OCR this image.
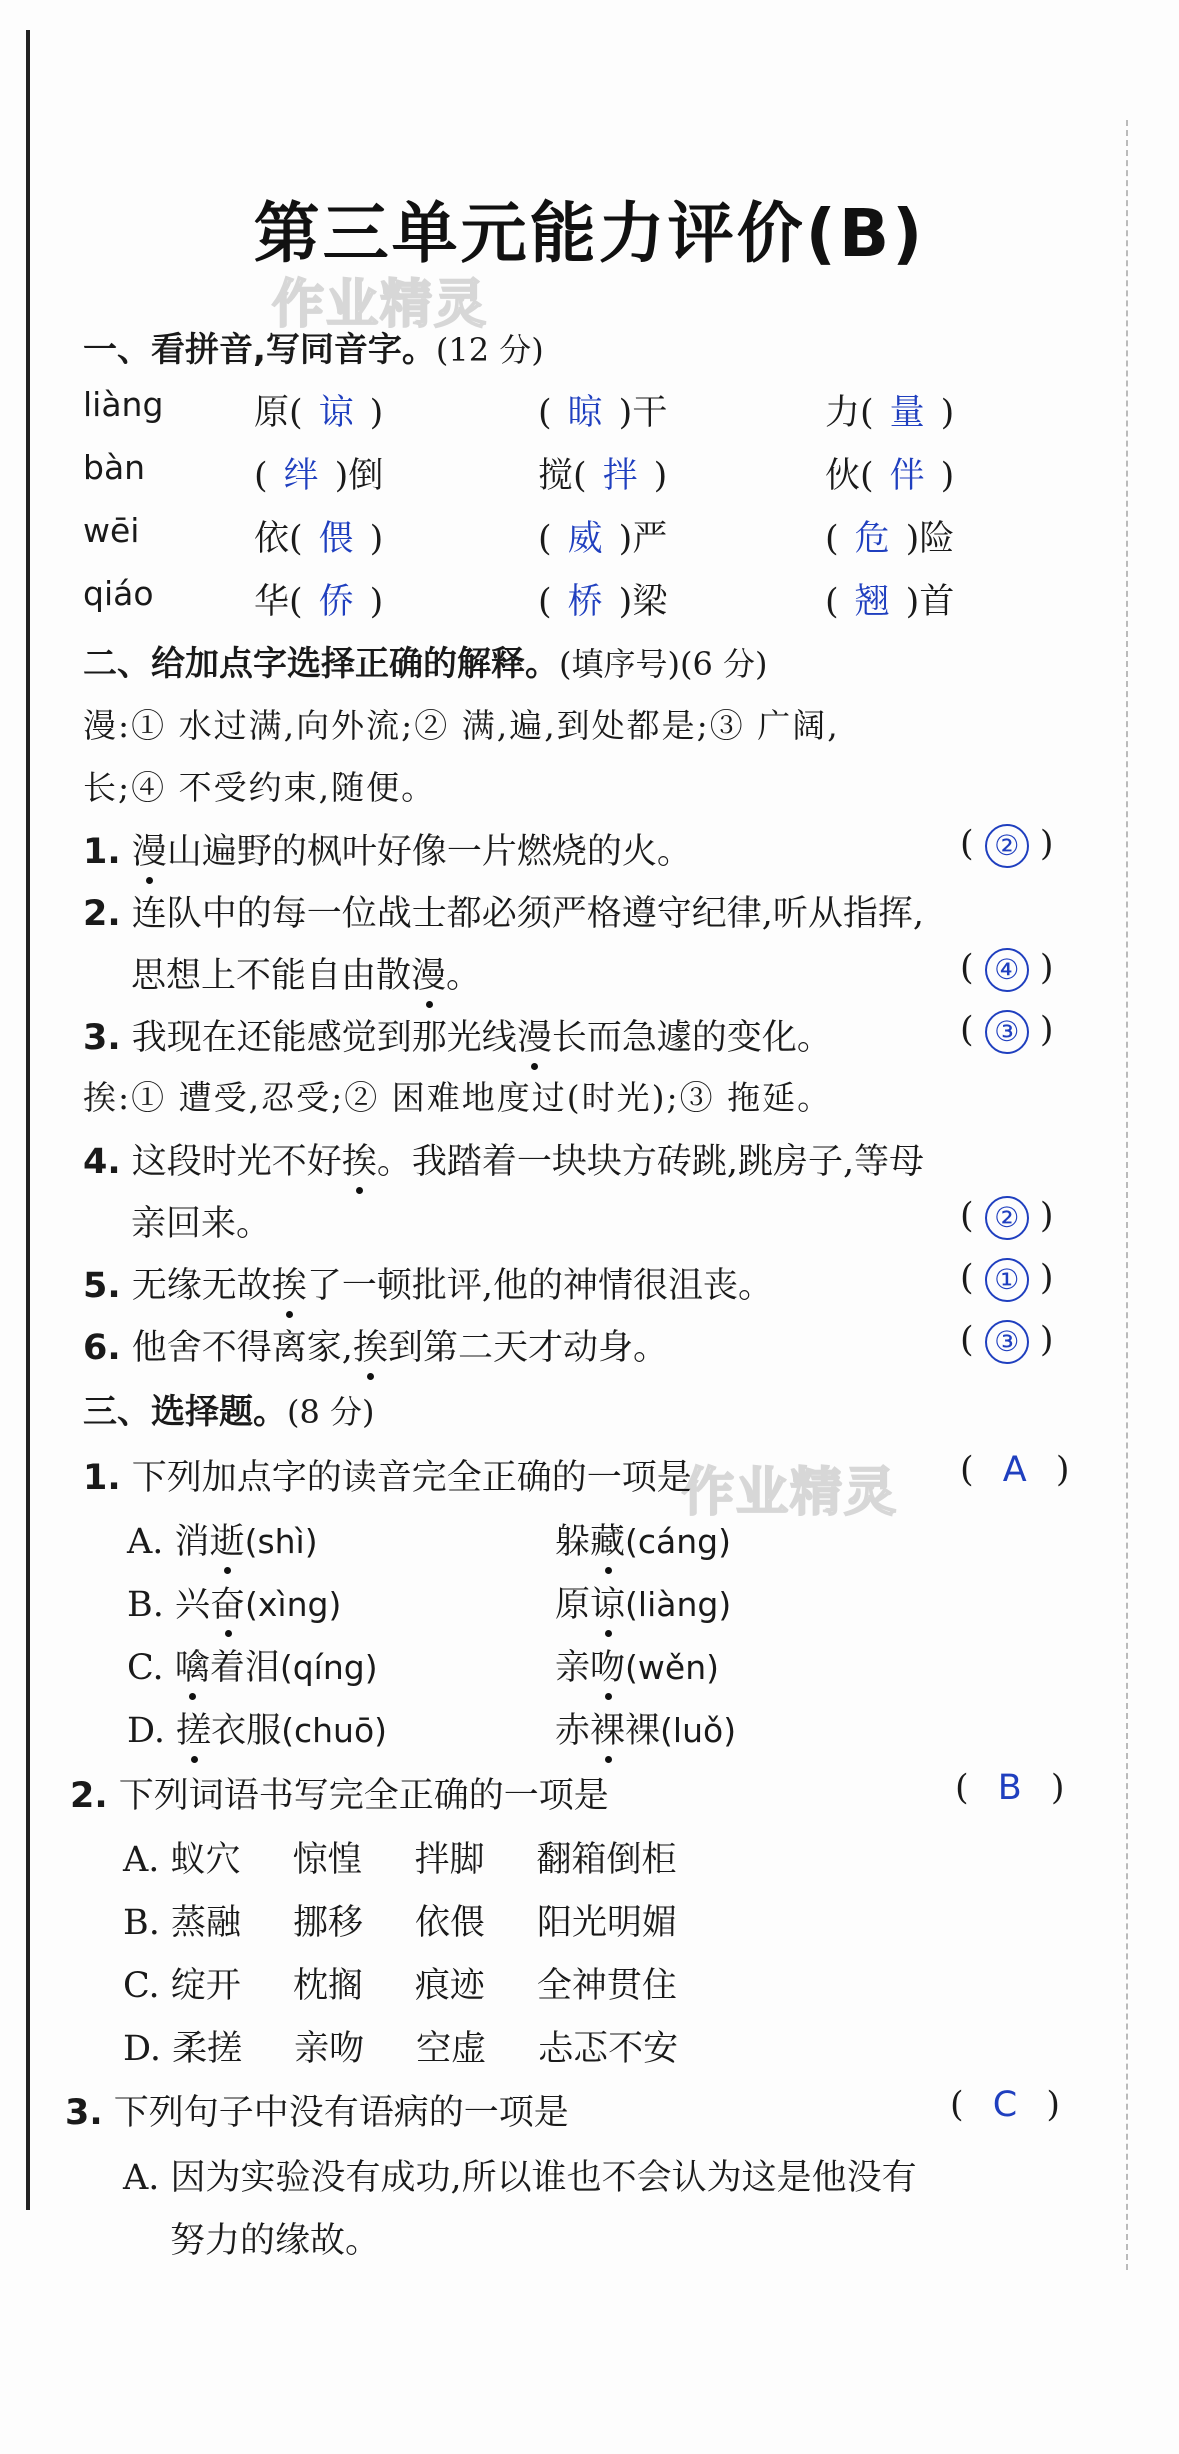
第三单元能力评价(B)
作业精灵
作业精灵
一、看拼音,写同音字。(12 分)
liàng	原( 谅 )	( 晾 )干	力( 量 )
bàn	( 绊 )倒	搅( 拌 )	伙( 伴 )
wēi	依( 偎 )	( 威 )严	( 危 )险
qiáo	华( 侨 )	( 桥 )梁	( 翘 )首
二、给加点字选择正确的解释。(填序号)(6 分)
漫:① 水过满,向外流;② 满,遍,到处都是;③ 广阔,
长;④ 不受约束,随便。
1. 漫山遍野的枫叶好像一片燃烧的火。	( ② )
2. 连队中的每一位战士都必须严格遵守纪律,听从指挥,
思想上不能自由散漫。	( ④ )
3. 我现在还能感觉到那光线漫长而急遽的变化。	( ③ )
挨:① 遭受,忍受;② 困难地度过(时光);③ 拖延。
4. 这段时光不好挨。我踏着一块块方砖跳,跳房子,等母
亲回来。	( ② )
5. 无缘无故挨了一顿批评,他的神情很沮丧。	( ① )
6. 他舍不得离家,挨到第二天才动身。	( ③ )
三、选择题。(8 分)
1. 下列加点字的读音完全正确的一项是	( A )
A. 消逝(shì)	躲藏(cáng)
B. 兴奋(xìng)	原谅(liàng)
C. 噙着泪(qíng)	亲吻(wěn)
D. 搓衣服(chuō)	赤裸裸(luǒ)
2. 下列词语书写完全正确的一项是	( B )
A. 蚁穴 惊惶 拌脚 翻箱倒柜
B. 蒸融 挪移 依偎 阳光明媚
C. 绽开 枕搁 痕迹 全神贯住
D. 柔搓 亲吻 空虚 忐忑不安
3. 下列句子中没有语病的一项是	( C )
A. 因为实验没有成功,所以谁也不会认为这是他没有
努力的缘故。
